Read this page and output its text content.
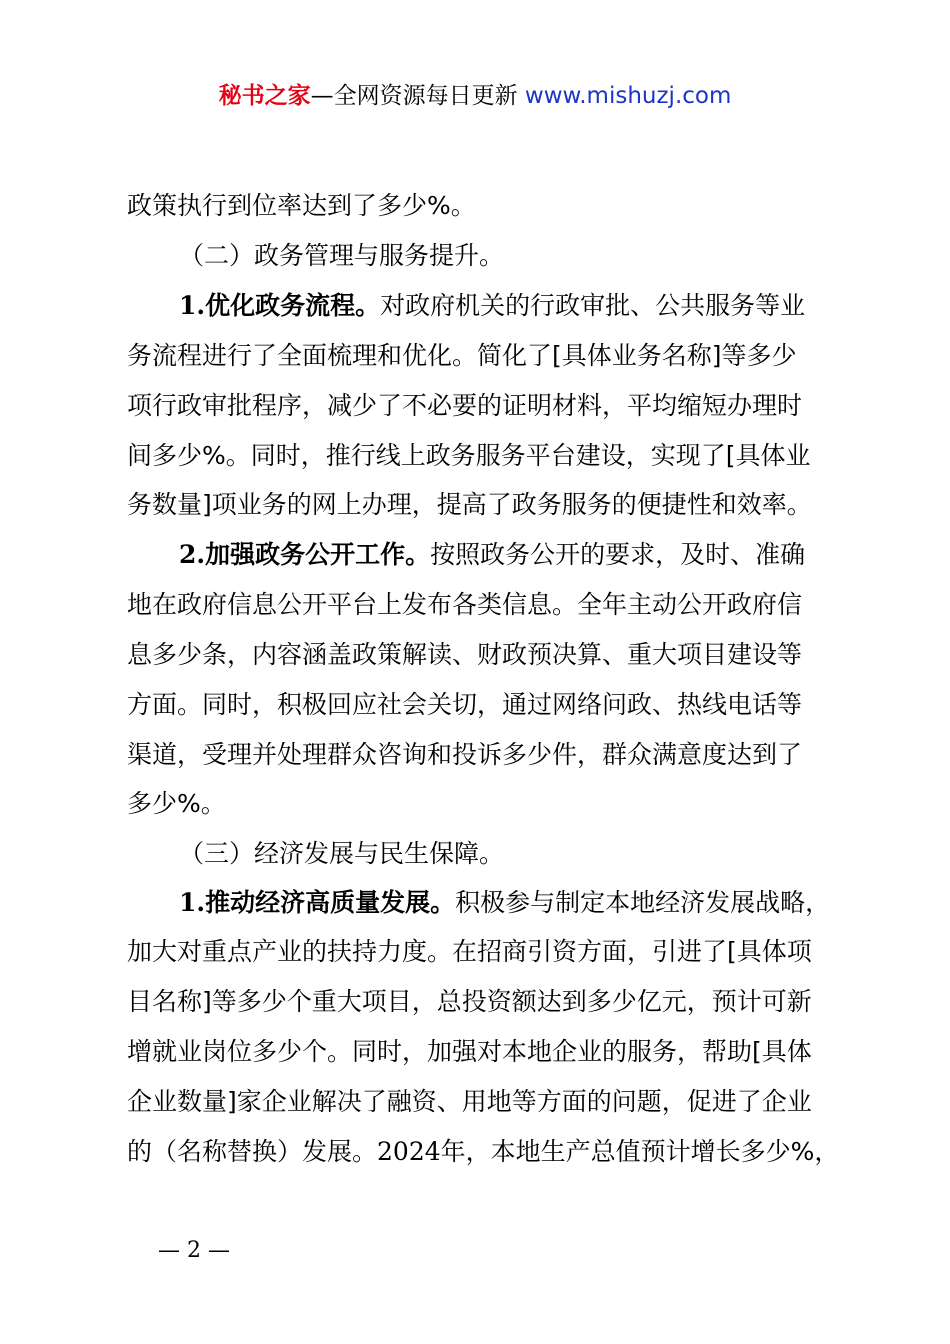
秘书之家—全网资源每日更新 www.mishuzj.com
政策执行到位率达到了多少%。
（二）政务管理与服务提升。
1.优化政务流程。对政府机关的行政审批、公共服务等业
务流程进行了全面梳理和优化。简化了[具体业务名称]等多少
项行政审批程序，减少了不必要的证明材料，平均缩短办理时
间多少%。同时，推行线上政务服务平台建设，实现了[具体业
务数量]项业务的网上办理，提高了政务服务的便捷性和效率。
2.加强政务公开工作。按照政务公开的要求，及时、准确
地在政府信息公开平台上发布各类信息。全年主动公开政府信
息多少条，内容涵盖政策解读、财政预决算、重大项目建设等
方面。同时，积极回应社会关切，通过网络问政、热线电话等
渠道，受理并处理群众咨询和投诉多少件，群众满意度达到了
多少%。
（三）经济发展与民生保障。
1.推动经济高质量发展。积极参与制定本地经济发展战略，
加大对重点产业的扶持力度。在招商引资方面，引进了[具体项
目名称]等多少个重大项目，总投资额达到多少亿元，预计可新
增就业岗位多少个。同时，加强对本地企业的服务，帮助[具体
企业数量]家企业解决了融资、用地等方面的问题，促进了企业
的（名称替换）发展。2024年，本地生产总值预计增长多少%，
— 2 —
